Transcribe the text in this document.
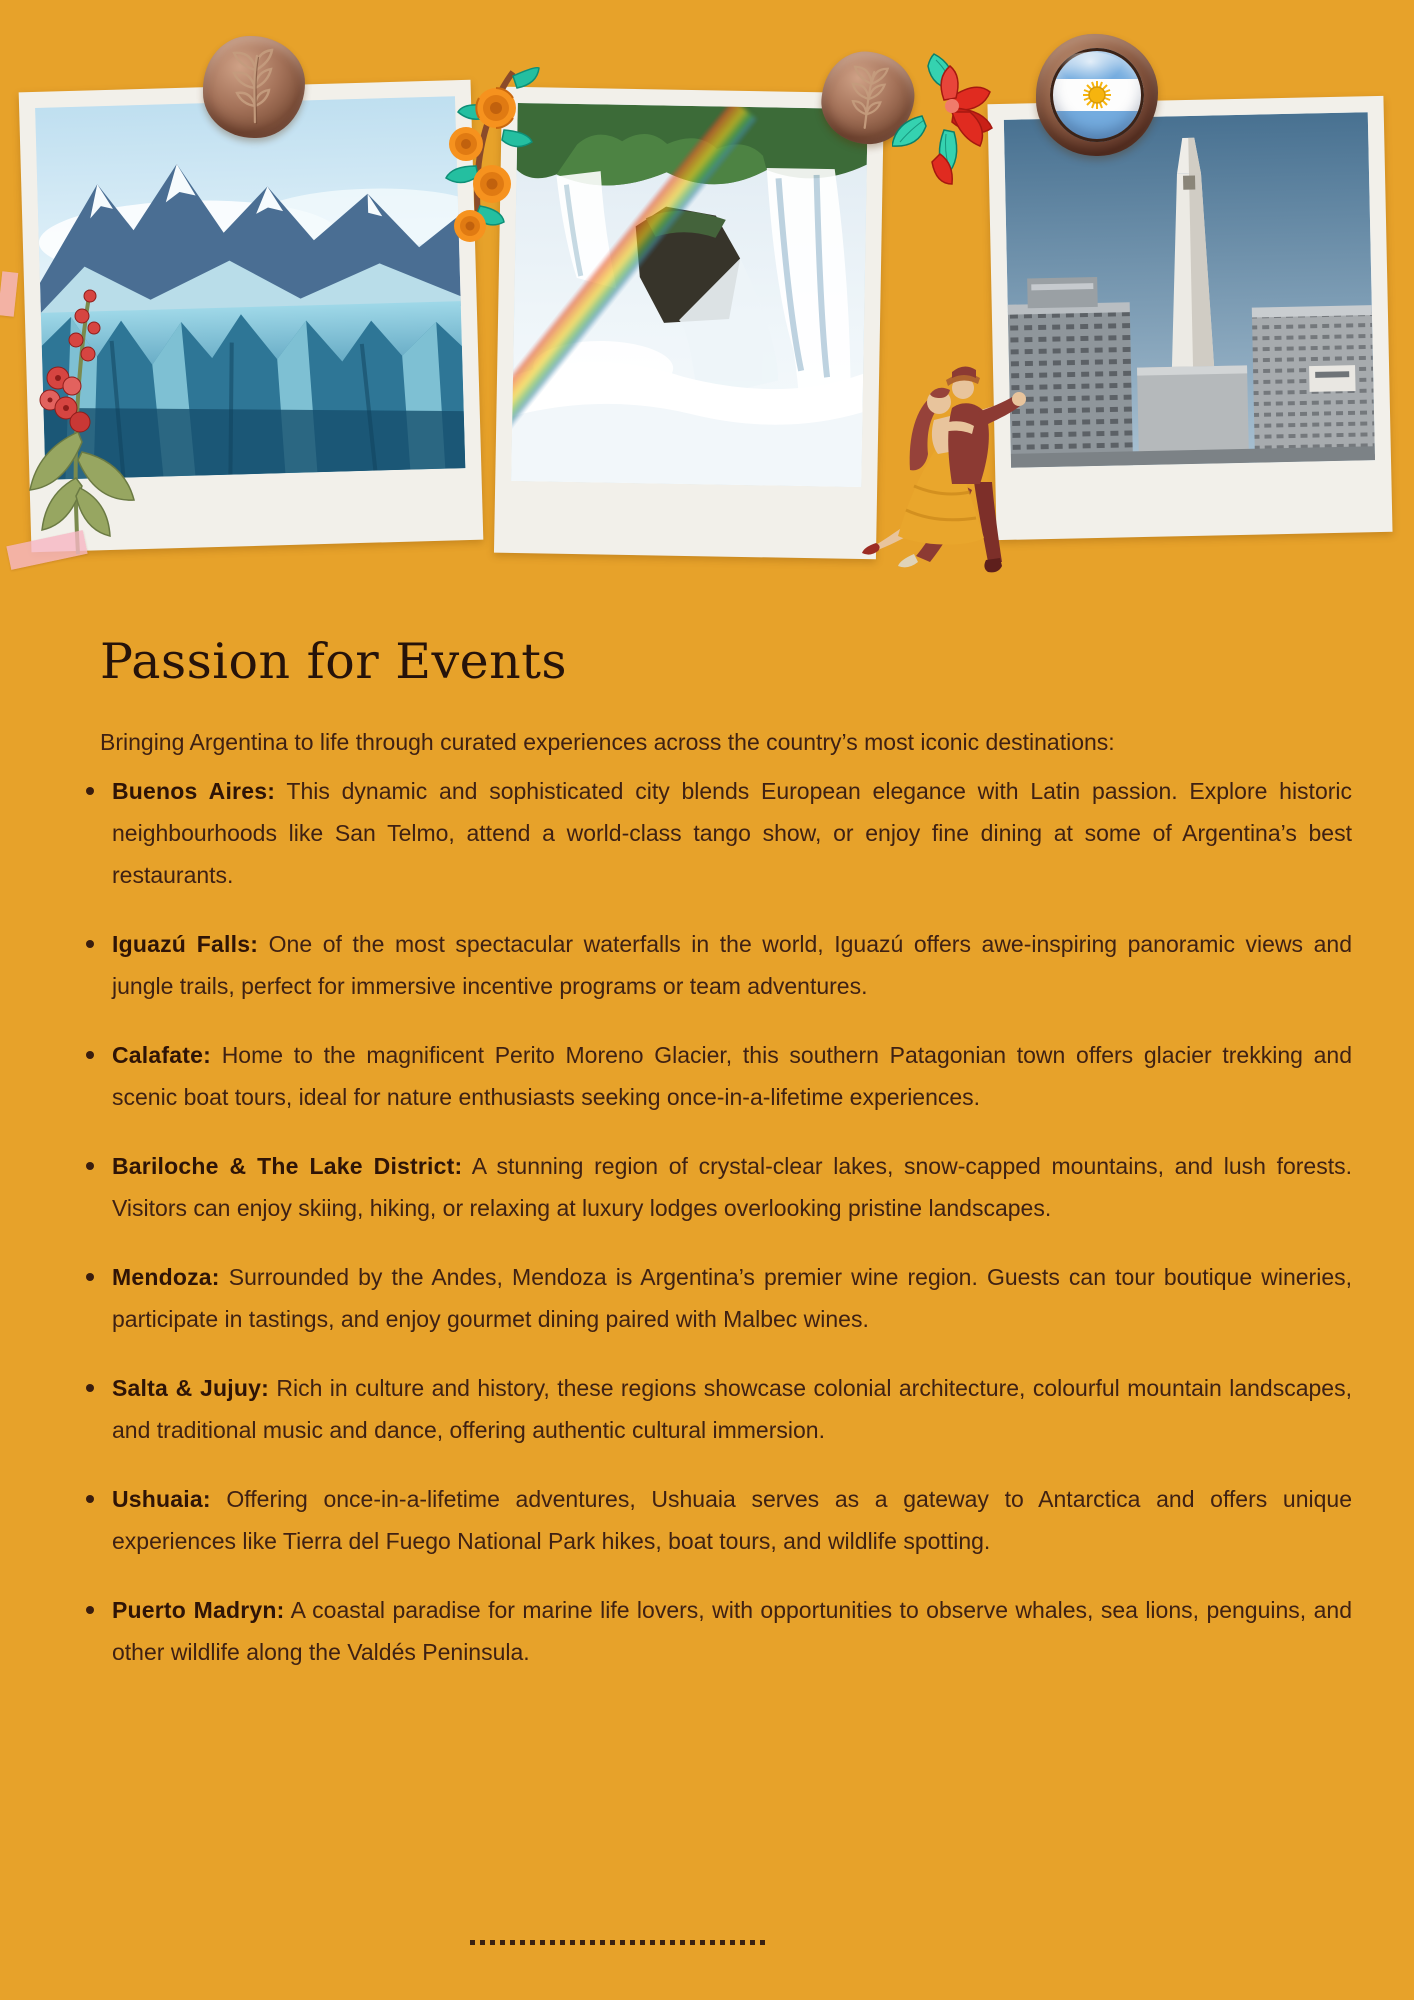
Passion for Events

Bringing Argentina to life through curated experiences across the country’s most iconic destinations:

Buenos Aires: This dynamic and sophisticated city blends European elegance with Latin passion. Explore historic neighbourhoods like San Telmo, attend a world-class tango show, or enjoy fine dining at some of Argentina’s best restaurants.
Iguazú Falls: One of the most spectacular waterfalls in the world, Iguazú offers awe-inspiring panoramic views and jungle trails, perfect for immersive incentive programs or team adventures.
Calafate: Home to the magnificent Perito Moreno Glacier, this southern Patagonian town offers glacier trekking and scenic boat tours, ideal for nature enthusiasts seeking once-in-a-lifetime experiences.
Bariloche & The Lake District: A stunning region of crystal-clear lakes, snow-capped mountains, and lush forests. Visitors can enjoy skiing, hiking, or relaxing at luxury lodges overlooking pristine landscapes.
Mendoza: Surrounded by the Andes, Mendoza is Argentina’s premier wine region. Guests can tour boutique wineries, participate in tastings, and enjoy gourmet dining paired with Malbec wines.
Salta & Jujuy: Rich in culture and history, these regions showcase colonial architecture, colourful mountain landscapes, and traditional music and dance, offering authentic cultural immersion.
Ushuaia: Offering once-in-a-lifetime adventures, Ushuaia serves as a gateway to Antarctica and offers unique experiences like Tierra del Fuego National Park hikes, boat tours, and wildlife spotting.
Puerto Madryn: A coastal paradise for marine life lovers, with opportunities to observe whales, sea lions, penguins, and other wildlife along the Valdés Peninsula.
